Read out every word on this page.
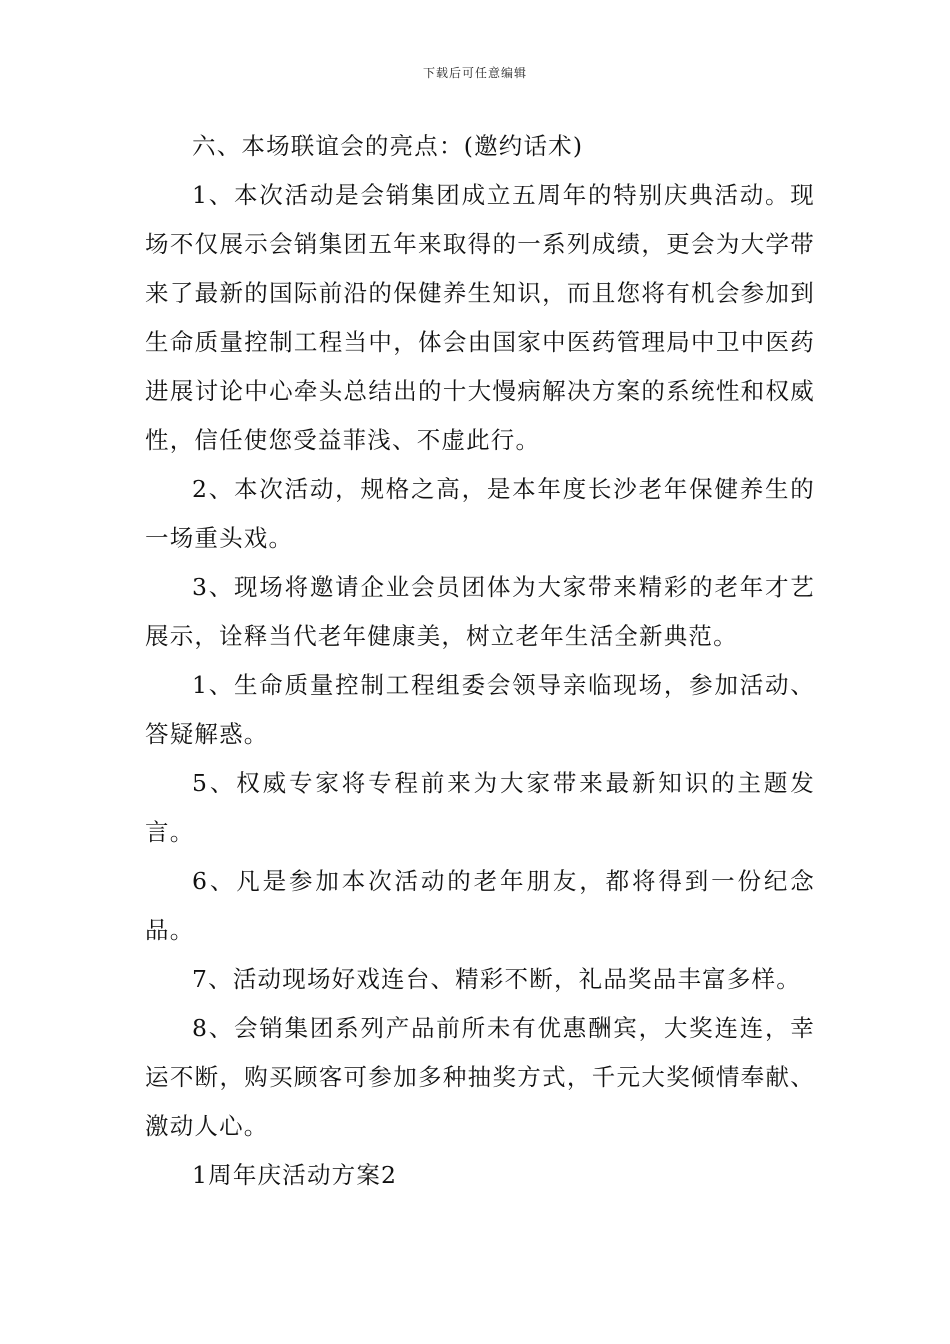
下载后可任意编辑

六、本场联谊会的亮点：(邀约话术)

1、本次活动是会销集团成立五周年的特别庆典活动。现场不仅展示会销集团五年来取得的一系列成绩，更会为大学带来了最新的国际前沿的保健养生知识，而且您将有机会参加到生命质量控制工程当中，体会由国家中医药管理局中卫中医药进展讨论中心牵头总结出的十大慢病解决方案的系统性和权威性，信任使您受益菲浅、不虚此行。

2、本次活动，规格之高，是本年度长沙老年保健养生的一场重头戏。

3、现场将邀请企业会员团体为大家带来精彩的老年才艺展示，诠释当代老年健康美，树立老年生活全新典范。

1、生命质量控制工程组委会领导亲临现场，参加活动、答疑解惑。

5、权威专家将专程前来为大家带来最新知识的主题发言。

6、凡是参加本次活动的老年朋友，都将得到一份纪念品。

7、活动现场好戏连台、精彩不断，礼品奖品丰富多样。

8、会销集团系列产品前所未有优惠酬宾，大奖连连，幸运不断，购买顾客可参加多种抽奖方式，千元大奖倾情奉献、激动人心。

1周年庆活动方案2
